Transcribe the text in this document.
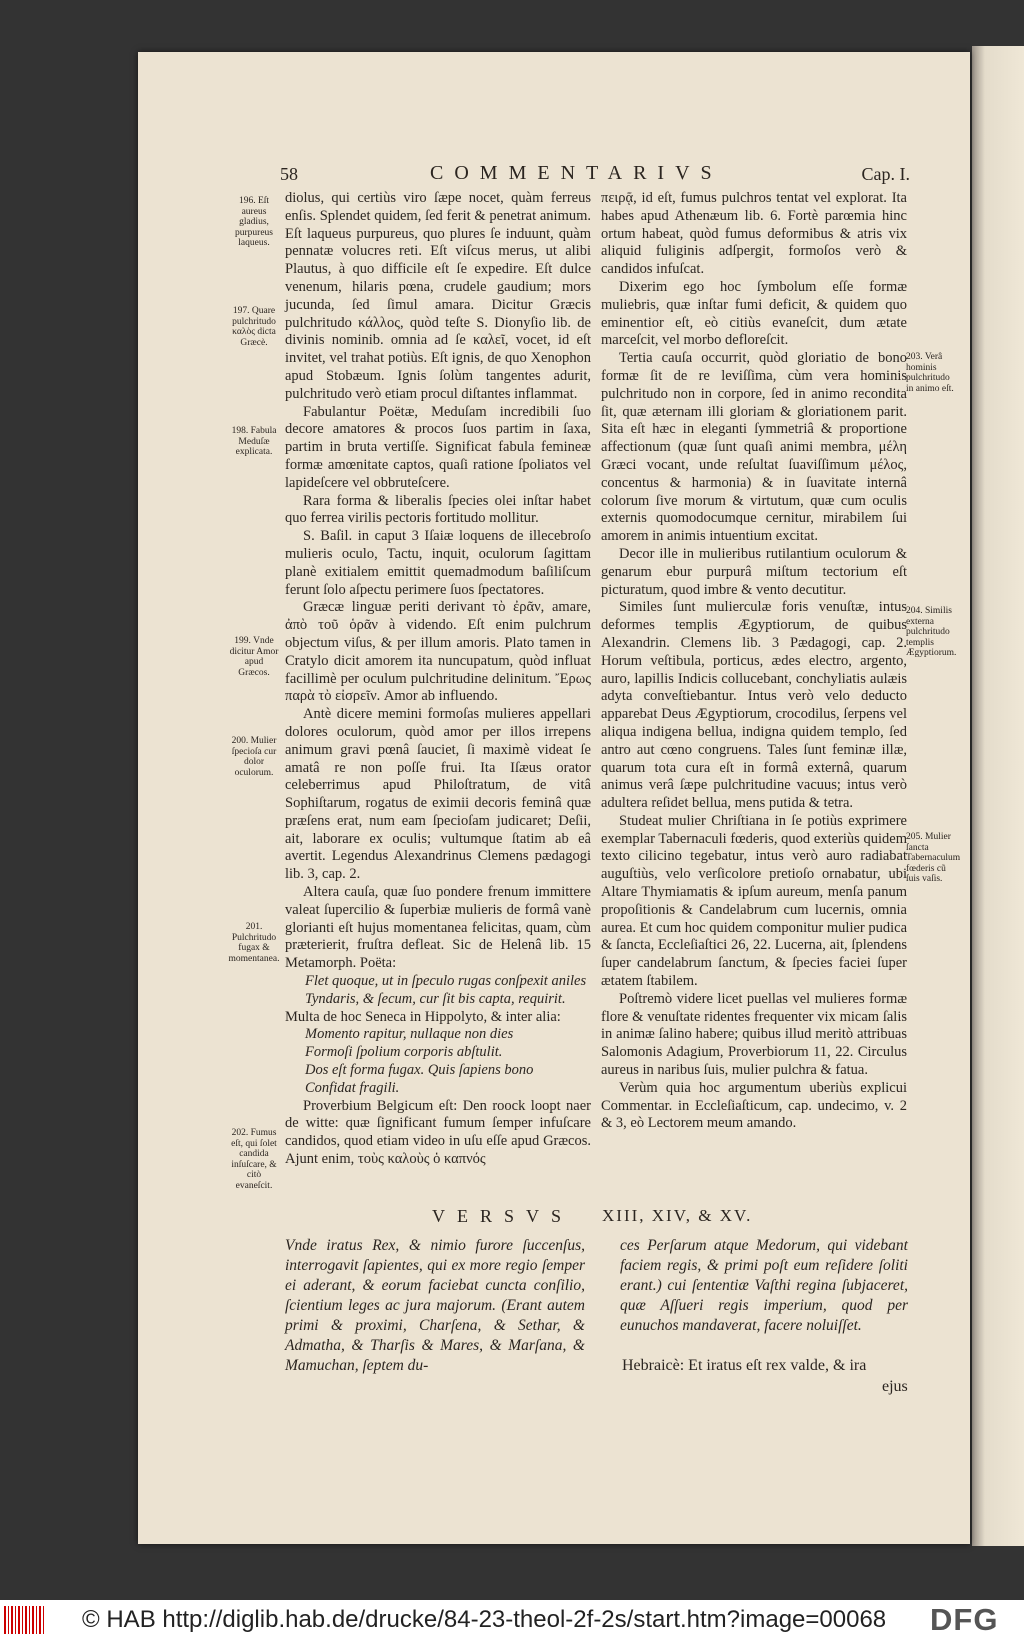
58	COMMENTARIVS	Cap. I.
196. Eſt aureus gladius, purpureus laqueus.
197. Quare pulchritudo καλὸς dicta Græcè.
198. Fabula Meduſæ explicata.
199. Vnde dicitur Amor apud Græcos.
200. Mulier ſpecioſa cur dolor oculorum.
201. Pulchritudo fugax & momentanea.
202. Fumus eſt, qui ſolet candida inſuſcare, & citò evaneſcit.

diolus, qui certiùs viro ſæpe nocet, quàm ferreus enſis. Splendet quidem, ſed ferit & penetrat animum. Eſt laqueus purpureus, quo plures ſe induunt, quàm pennatæ volucres reti. Eſt viſcus merus, ut alibi Plautus, à quo difficile eſt ſe expedire. Eſt dulce venenum, hilaris pœna, crudele gaudium; mors jucunda, ſed ſimul amara. Dicitur Græcis pulchritudo κάλλος, quòd teſte S. Dionyſio lib. de divinis nominib. omnia ad ſe καλεῖ, vocet, id eſt invitet, vel trahat potiùs. Eſt ignis, de quo Xenophon apud Stobæum. Ignis ſolùm tangentes adurit, pulchritudo verò etiam procul diſtantes inflammat.

Fabulantur Poëtæ, Meduſam incredibili ſuo decore amatores & procos ſuos partim in ſaxa, partim in bruta vertiſſe. Significat fabula femineæ formæ amœnitate captos, quaſi ratione ſpoliatos vel lapideſcere vel obbruteſcere.

Rara forma & liberalis ſpecies olei inſtar habet quo ferrea virilis pectoris fortitudo mollitur.

S. Baſil. in caput 3 Iſaiæ loquens de illecebroſo mulieris oculo, Tactu, inquit, oculorum ſagittam planè exitialem emittit quemadmodum baſiliſcum ferunt ſolo aſpectu perimere ſuos ſpectatores.

Græcæ linguæ periti derivant τὸ ἐρᾶν, amare, ἀπὸ τοῦ ὁρᾶν à videndo. Eſt enim pulchrum objectum viſus, & per illum amoris. Plato tamen in Cratylo dicit amorem ita nuncupatum, quòd influat facillimè per oculum pulchritudine delinitum. Ἔρως παρὰ τὸ εἰσρεῖν. Amor ab influendo.

Antè dicere memini formoſas mulieres appellari dolores oculorum, quòd amor per illos irrepens animum gravi pœnâ ſauciet, ſi maximè videat ſe amatâ re non poſſe frui. Ita Iſæus orator celeberrimus apud Philoſtratum, de vitâ Sophiſtarum, rogatus de eximii decoris feminâ quæ præſens erat, num eam ſpecioſam judicaret; Deſii, ait, laborare ex oculis; vultumque ſtatim ab eâ avertit. Legendus Alexandrinus Clemens pædagogi lib. 3, cap. 2.

Altera cauſa, quæ ſuo pondere frenum immittere valeat ſupercilio & ſuperbiæ mulieris de formâ vanè glorianti eſt hujus momentanea felicitas, quam, cùm præterierit, fruſtra defleat. Sic de Helenâ lib. 15 Metamorph. Poëta:

Flet quoque, ut in ſpeculo rugas conſpexit aniles

Tyndaris, & ſecum, cur ſit bis capta, requirit.

Multa de hoc Seneca in Hippolyto, & inter alia:

Momento rapitur, nullaque non dies

Formoſi ſpolium corporis abſtulit.

Dos eſt forma fugax. Quis ſapiens bono

Confidat fragili.

Proverbium Belgicum eſt: Den roock loopt naer de witte: quæ ſignificant fumum ſemper infuſcare candidos, quod etiam video in uſu eſſe apud Græcos. Ajunt enim, τοὺς καλοὺς ὁ καπνός

πειρᾷ, id eſt, fumus pulchros tentat vel explorat. Ita habes apud Athenæum lib. 6. Fortè parœmia hinc ortum habeat, quòd fumus deformibus & atris vix aliquid fuliginis adſpergit, formoſos verò & candidos infuſcat.

Dixerim ego hoc ſymbolum eſſe formæ muliebris, quæ inſtar fumi deficit, & quidem quo eminentior eſt, eò citiùs evaneſcit, dum ætate marceſcit, vel morbo defloreſcit.

Tertia cauſa occurrit, quòd gloriatio de bono formæ ſit de re leviſſima, cùm vera hominis pulchritudo non in corpore, ſed in animo recondita ſit, quæ æternam illi gloriam & gloriationem parit. Sita eſt hæc in eleganti ſymmetriâ & proportione affectionum (quæ ſunt quaſi animi membra, μέλη Græci vocant, unde reſultat ſuaviſſimum μέλος, concentus & harmonia) & in ſuavitate internâ colorum ſive morum & virtutum, quæ cum oculis externis quomodocumque cernitur, mirabilem ſui amorem in animis intuentium excitat.

Decor ille in mulieribus rutilantium oculorum & genarum ebur purpurâ miſtum tectorium eſt picturatum, quod imbre & vento decutitur.

Similes ſunt mulierculæ foris venuſtæ, intus deformes templis Ægyptiorum, de quibus Alexandrin. Clemens lib. 3 Pædagogi, cap. 2. Horum veſtibula, porticus, ædes electro, argento, auro, lapillis Indicis collucebant, conchyliatis aulæis adyta conveſtiebantur. Intus verò velo deducto apparebat Deus Ægyptiorum, crocodilus, ſerpens vel aliqua indigena bellua, indigna quidem templo, ſed antro aut cœno congruens. Tales ſunt feminæ illæ, quarum tota cura eſt in formâ externâ, quarum animus verâ ſæpe pulchritudine vacuus; intus verò adultera reſidet bellua, mens putida & tetra.

Studeat mulier Chriſtiana in ſe potiùs exprimere exemplar Tabernaculi fœderis, quod exteriùs quidem texto cilicino tegebatur, intus verò auro radiabat auguſtiùs, velo verſicolore pretioſo ornabatur, ubi Altare Thymiamatis & ipſum aureum, menſa panum propoſitionis & Candelabrum cum lucernis, omnia aurea. Et cum hoc quidem componitur mulier pudica & ſancta, Eccleſiaſtici 26, 22. Lucerna, ait, ſplendens ſuper candelabrum ſanctum, & ſpecies faciei ſuper ætatem ſtabilem.

Poſtremò videre licet puellas vel mulieres formæ flore & venuſtate ridentes frequenter vix micam ſalis in animæ ſalino habere; quibus illud meritò attribuas Salomonis Adagium, Proverbiorum 11, 22. Circulus aureus in naribus ſuis, mulier pulchra & fatua.

Verùm quia hoc argumentum uberiùs explicui Commentar. in Eccleſiaſticum, cap. undecimo, v. 2 & 3, eò Lectorem meum amando.

203. Verâ hominis pulchritudo in animo eſt.
204. Similis externa pulchritudo templis Ægyptiorum.
205. Mulier ſancta Tabernaculum fœderis cũ ſuis vaſis.
VERSVS XIII, XIV, & XV.
Vnde iratus Rex, & nimio furore ſuccenſus, interrogavit ſapientes, qui ex more regio ſemper ei aderant, & eorum faciebat cuncta conſilio, ſcientium leges ac jura majorum. (Erant autem primi & proximi, Charſena, & Sethar, & Admatha, & Tharſis & Mares, & Marſana, & Mamuchan, ſeptem du-
ces Perſarum atque Medorum, qui videbant faciem regis, & primi poſt eum reſidere ſoliti erant.) cui ſententiæ Vaſthi regina ſubjaceret, quæ Aſſueri regis imperium, quod per eunuchos mandaverat, facere noluiſſet.
Hebraicè: Et iratus eſt rex valde, & ira
ejus
© HAB http://diglib.hab.de/drucke/84-23-theol-2f-2s/start.htm?image=00068 DFG
